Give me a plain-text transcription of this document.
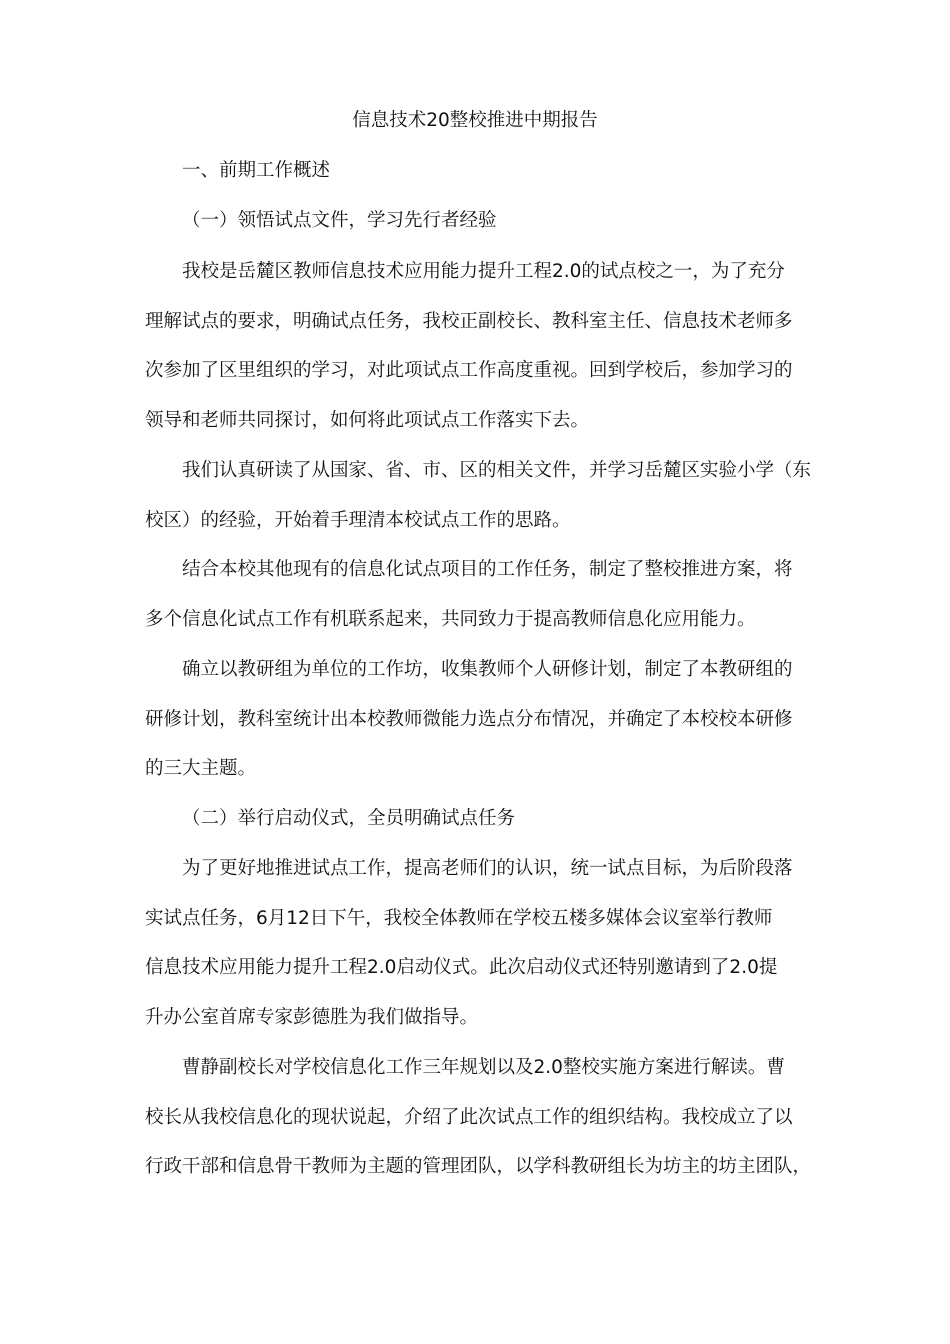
信息技术20整校推进中期报告
一、前期工作概述
（一）领悟试点文件，学习先行者经验
我校是岳麓区教师信息技术应用能力提升工程2.0的试点校之一，为了充分
理解试点的要求，明确试点任务，我校正副校长、教科室主任、信息技术老师多
次参加了区里组织的学习，对此项试点工作高度重视。回到学校后，参加学习的
领导和老师共同探讨，如何将此项试点工作落实下去。
我们认真研读了从国家、省、市、区的相关文件，并学习岳麓区实验小学（东
校区）的经验，开始着手理清本校试点工作的思路。
结合本校其他现有的信息化试点项目的工作任务，制定了整校推进方案，将
多个信息化试点工作有机联系起来，共同致力于提高教师信息化应用能力。
确立以教研组为单位的工作坊，收集教师个人研修计划，制定了本教研组的
研修计划，教科室统计出本校教师微能力选点分布情况，并确定了本校校本研修
的三大主题。
（二）举行启动仪式，全员明确试点任务
为了更好地推进试点工作，提高老师们的认识，统一试点目标，为后阶段落
实试点任务，6月12日下午，我校全体教师在学校五楼多媒体会议室举行教师
信息技术应用能力提升工程2.0启动仪式。此次启动仪式还特别邀请到了2.0提
升办公室首席专家彭德胜为我们做指导。
曹静副校长对学校信息化工作三年规划以及2.0整校实施方案进行解读。曹
校长从我校信息化的现状说起，介绍了此次试点工作的组织结构。我校成立了以
行政干部和信息骨干教师为主题的管理团队，以学科教研组长为坊主的坊主团队，
